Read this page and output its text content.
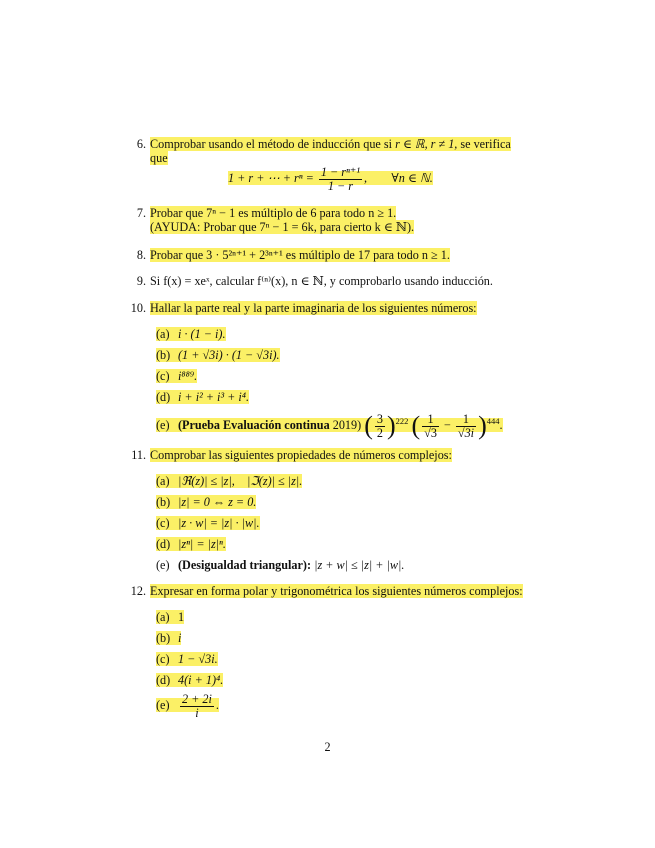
6. Comprobar usando el método de inducción que si r ∈ ℝ, r ≠ 1, se verifica
que
1 + r + ⋯ + $r^n = \frac{\text{1 − rⁿ⁺¹}}{1 - r}$ ,        ∀n ∈ ℕ.
7. Probar que 7ⁿ − 1 es múltiplo de 6 para todo n ≥ 1.
(AYUDA: Probar que 7ⁿ − 1 = 6k, para cierto k ∈ ℕ).
8. Probar que 3 · 5²ⁿ⁺¹ + 2³ⁿ⁺¹ es múltiplo de 17 para todo n ≥ 1.
9. Si f(x) = xeˣ, calcular f⁽ⁿ⁾(x), n ∈ ℕ, y comprobarlo usando inducción.
10. Hallar la parte real y la parte imaginaria de los siguientes números:
(a) i · (1 − i).
(b) (1 + √3i) · (1 − √3i).
(c) i⁸⁸⁹.
(d) i + i² + i³ + i⁴.
(e) (Prueba Evaluación continua 2019) ( $\frac{3}{2} )^{222}$ ( $\frac{1}{√3} - \frac{1}{√3i} )^{444}$.
11. Comprobar las siguientes propiedades de números complejos:
(a) |ℜ(z)| ≤ |z|,    |ℑ(z)| ≤ |z|.
(b) |z| = 0 ⇔ z = 0.
(c) |z · w| = |z| · |w|.
(d) |zⁿ| = |z|ⁿ.
(e) (Desigualdad triangular): |z + w| ≤ |z| + |w|.
12. Expresar en forma polar y trigonométrica los siguientes números complejos:
(a) 1
(b) i
(c) 1 − √3i.
(d) 4(i + 1)⁴.
$(e) \frac{2 + 2i}{i}$ .
2
